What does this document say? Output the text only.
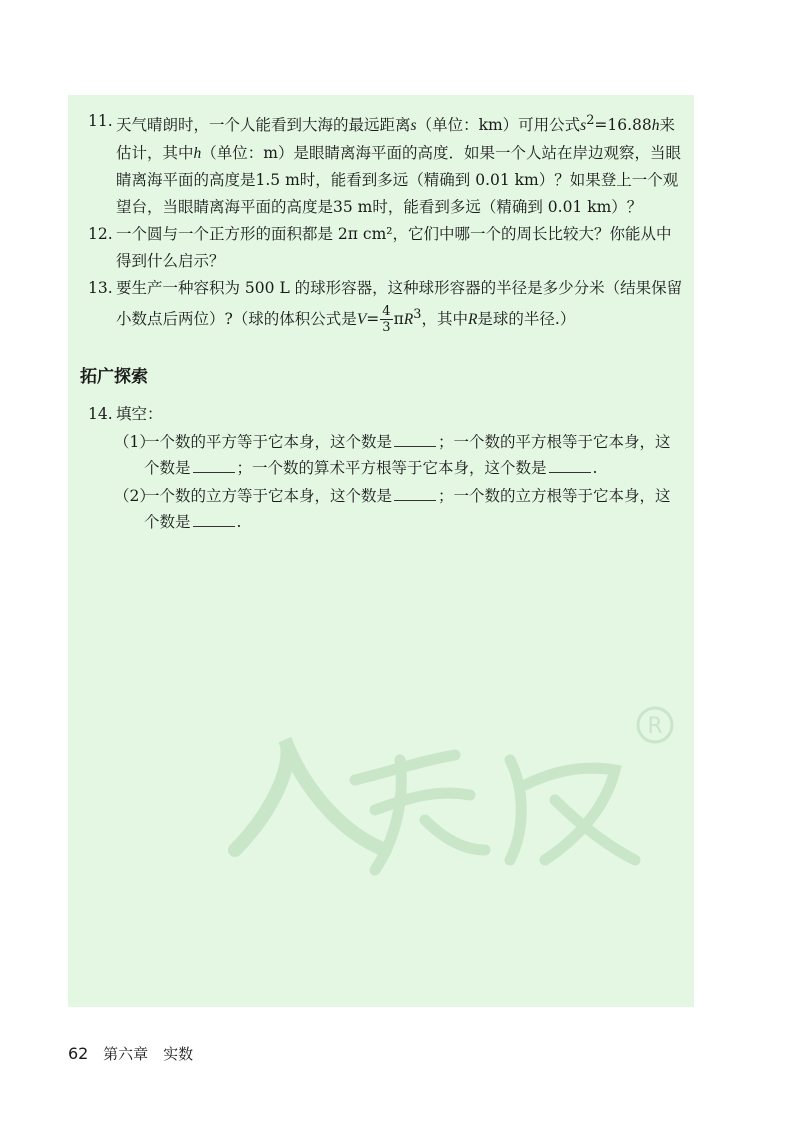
R
11. 天气晴朗时，一个人能看到大海的最远距离s（单位：km）可用公式$s^2=16.88h$来估计，其中h（单位：m）是眼睛离海平面的高度．如果一个人站在岸边观察，当眼睛离海平面的高度是1.5 m时，能看到多远（精确到 0.01 km）？如果登上一个观望台，当眼睛离海平面的高度是35 m时，能看到多远（精确到 0.01 km）？
12. 一个圆与一个正方形的面积都是 2π cm²，它们中哪一个的周长比较大？你能从中得到什么启示？
13. 要生产一种容积为 500 L 的球形容器，这种球形容器的半径是多少分米（结果保留小数点后两位）?（球的体积公式是$V= \frac{4}{3} \pi R^3$，其中R是球的半径.）
拓广探索
14. 填空：
（1）
一个数的平方等于它本身，这个数是	；一个数的平方根等于它本身，这个数是	；一个数的算术平方根等于它本身，这个数是	.
（2）
一个数的立方等于它本身，这个数是	；一个数的立方根等于它本身，这个数是	.
62 第六章　实数
